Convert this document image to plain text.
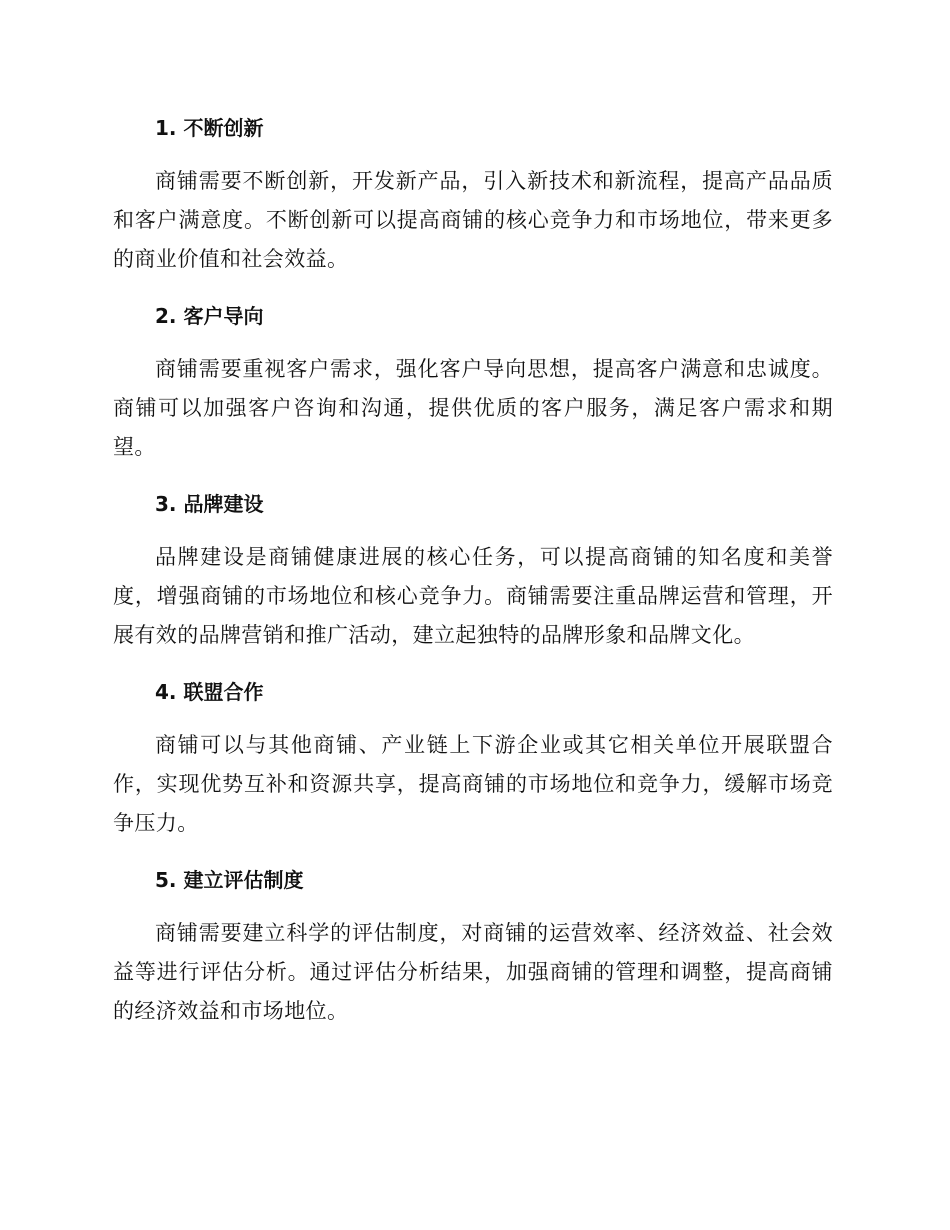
1. 不断创新

商铺需要不断创新，开发新产品，引入新技术和新流程，提高产品品质和客户满意度。不断创新可以提高商铺的核心竞争力和市场地位，带来更多的商业价值和社会效益。

2. 客户导向

商铺需要重视客户需求，强化客户导向思想，提高客户满意和忠诚度。商铺可以加强客户咨询和沟通，提供优质的客户服务，满足客户需求和期望。

3. 品牌建设

品牌建设是商铺健康进展的核心任务，可以提高商铺的知名度和美誉度，增强商铺的市场地位和核心竞争力。商铺需要注重品牌运营和管理，开展有效的品牌营销和推广活动，建立起独特的品牌形象和品牌文化。

4. 联盟合作

商铺可以与其他商铺、产业链上下游企业或其它相关单位开展联盟合作，实现优势互补和资源共享，提高商铺的市场地位和竞争力，缓解市场竞争压力。

5. 建立评估制度

商铺需要建立科学的评估制度，对商铺的运营效率、经济效益、社会效益等进行评估分析。通过评估分析结果，加强商铺的管理和调整，提高商铺的经济效益和市场地位。
